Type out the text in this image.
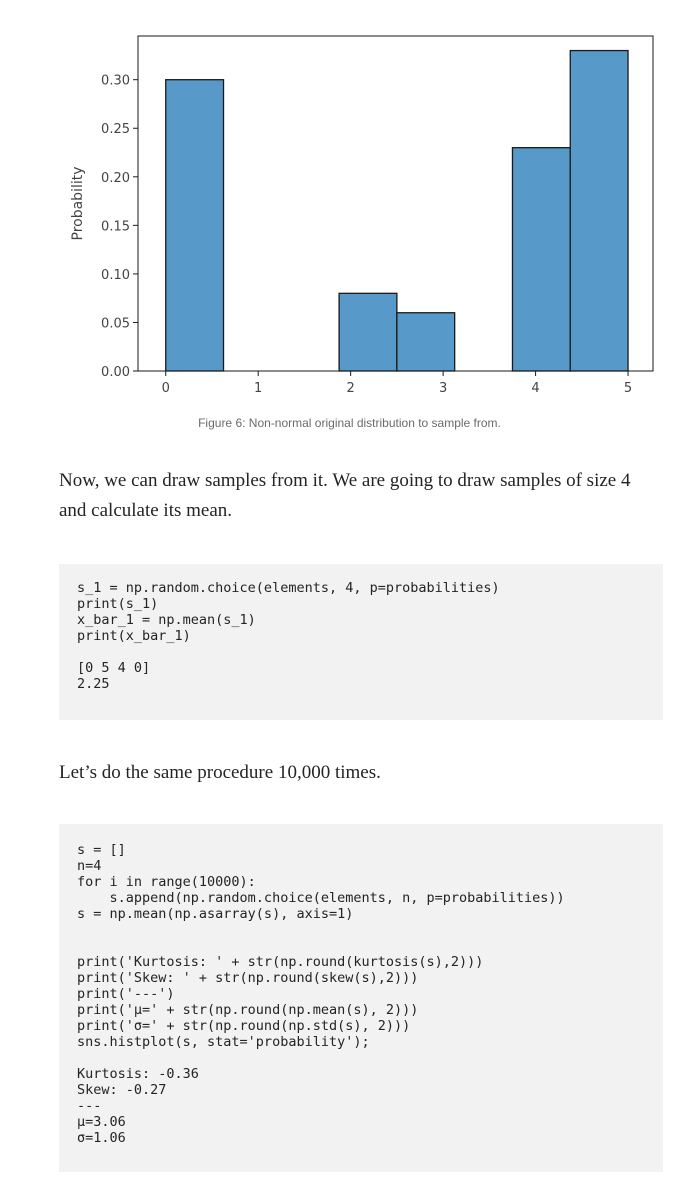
0.00
0.05
0.10
0.15
0.20
0.25
0.30
0	1	2	3	4	5
Probability
Figure 6: Non-normal original distribution to sample from.

Now, we can draw samples from it. We are going to draw samples of size 4 and calculate its mean.

s_1 = np.random.choice(elements, 4, p=probabilities)
print(s_1)
x_bar_1 = np.mean(s_1)
print(x_bar_1)
[0 5 4 0]
2.25

Let’s do the same procedure 10,000 times.

s = []
n=4
for i in range(10000):
s.append(np.random.choice(elements, n, p=probabilities))
s = np.mean(np.asarray(s), axis=1)

print('Kurtosis: ' + str(np.round(kurtosis(s),2)))
print('Skew: ' + str(np.round(skew(s),2)))
print('---')
print('μ=' + str(np.round(np.mean(s), 2)))
print('σ=' + str(np.round(np.std(s), 2)))
sns.histplot(s, stat='probability');
Kurtosis: -0.36
Skew: -0.27
---
μ=3.06
σ=1.06
